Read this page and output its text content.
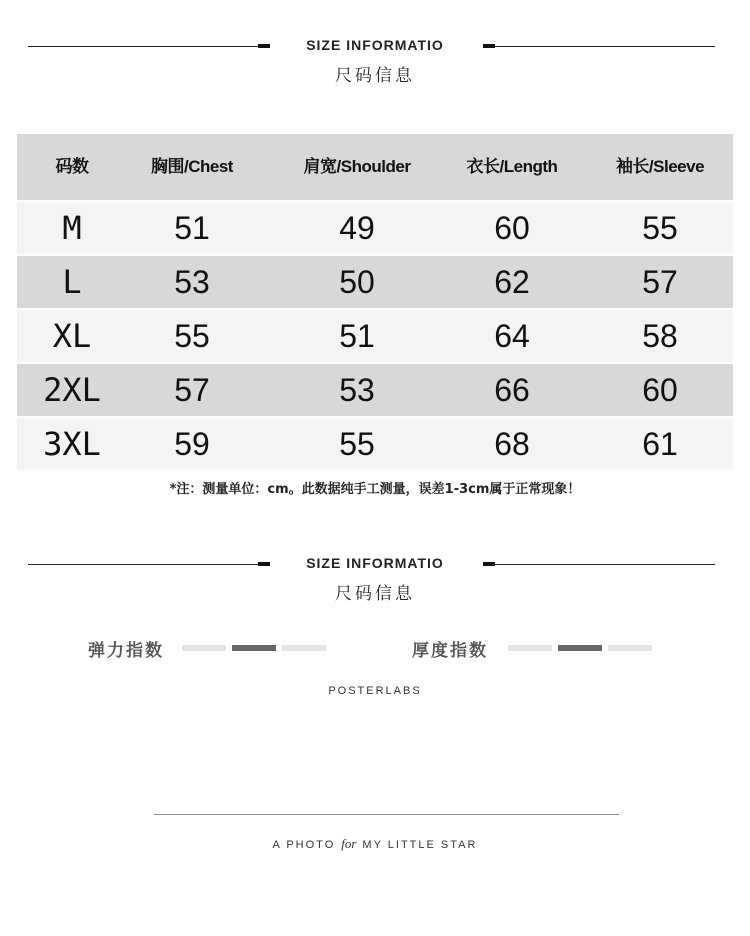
SIZE INFORMATIO
尺码信息
码数	胸围/Chest	肩宽/Shoulder	衣长/Length	袖长/Sleeve
M	51	49	60	55
L	53	50	62	57
XL	55	51	64	58
2XL	57	53	66	60
3XL	59	55	68	61
*注：测量单位：cm。此数据纯手工测量，误差1-3cm属于正常现象！
SIZE INFORMATIO
尺码信息
弹力指数	厚度指数
POSTERLABS
A PHOTO for MY LITTLE STAR
